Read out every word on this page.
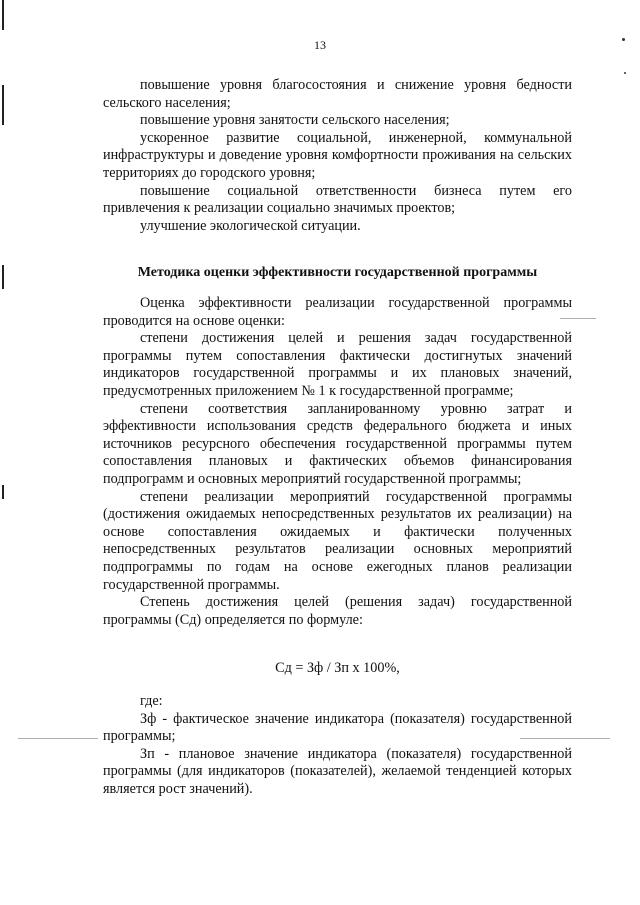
13

повышение уровня благосостояния и снижение уровня бедности сельского населения;

повышение уровня занятости сельского населения;

ускоренное развитие социальной, инженерной, коммунальной инфраструктуры и доведение уровня комфортности проживания на сельских территориях до городского уровня;

повышение социальной ответственности бизнеса путем его привлечения к реализации социально значимых проектов;

улучшение экологической ситуации.

Методика оценки эффективности государственной программы

Оценка эффективности реализации государственной программы проводится на основе оценки:

степени достижения целей и решения задач государственной программы путем сопоставления фактически достигнутых значений индикаторов государственной программы и их плановых значений, предусмотренных приложением № 1 к государственной программе;

степени соответствия запланированному уровню затрат и эффективности использования средств федерального бюджета и иных источников ресурсного обеспечения государственной программы путем сопоставления плановых и фактических объемов финансирования подпрограмм и основных мероприятий государственной программы;

степени реализации мероприятий государственной программы (достижения ожидаемых непосредственных результатов их реализации) на основе сопоставления ожидаемых и фактически полученных непосредственных результатов реализации основных мероприятий подпрограммы по годам на основе ежегодных планов реализации государственной программы.

Степень достижения целей (решения задач) государственной программы (Сд) определяется по формуле:

Сд = Зф / Зп х 100%,

где:

Зф - фактическое значение индикатора (показателя) государственной программы;

Зп - плановое значение индикатора (показателя) государственной программы (для индикаторов (показателей), желаемой тенденцией которых является рост значений).
